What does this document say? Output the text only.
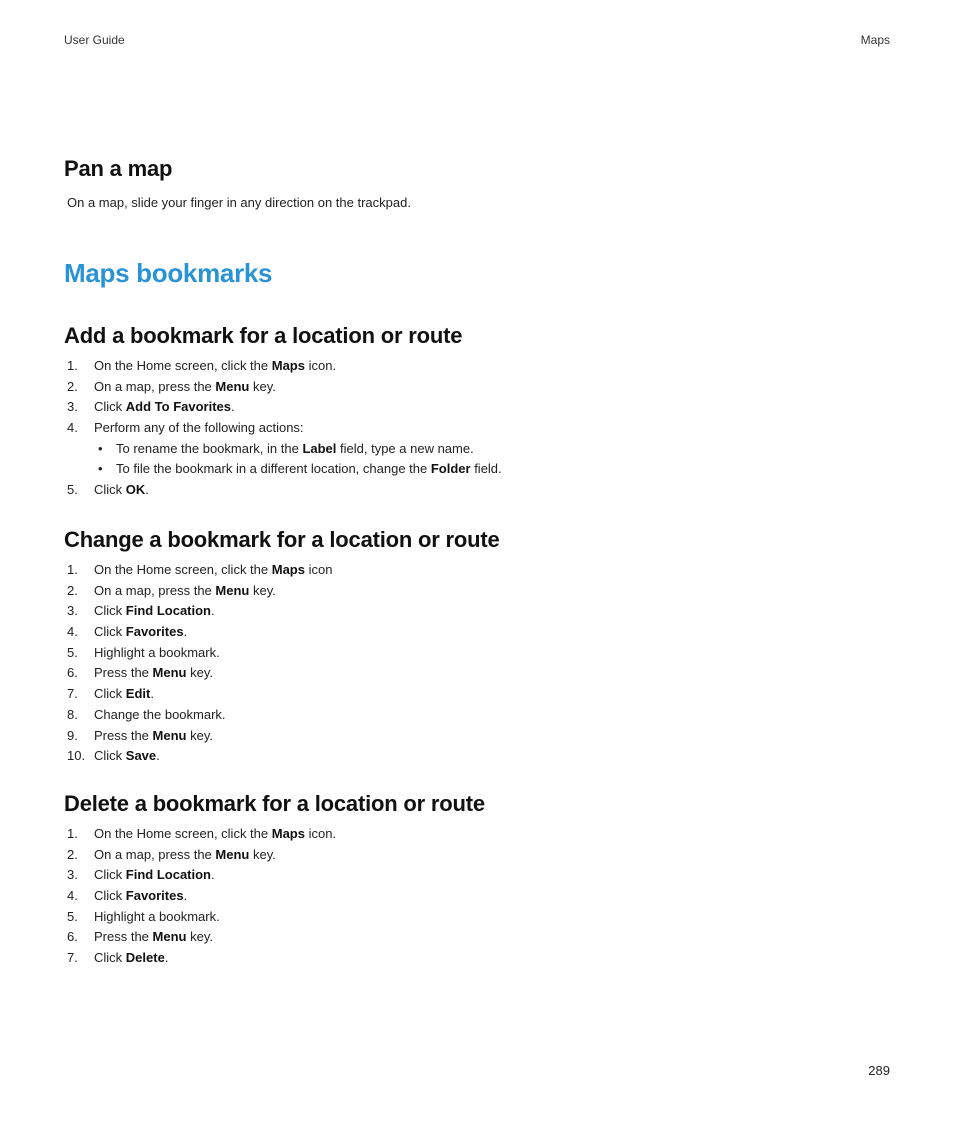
User Guide	Maps
Pan a map
On a map, slide your finger in any direction on the trackpad.
Maps bookmarks
Add a bookmark for a location or route
1. On the Home screen, click the Maps icon.
2. On a map, press the Menu key.
3. Click Add To Favorites.
4. Perform any of the following actions:
• To rename the bookmark, in the Label field, type a new name.
• To file the bookmark in a different location, change the Folder field.
5. Click OK.
Change a bookmark for a location or route
1. On the Home screen, click the Maps icon
2. On a map, press the Menu key.
3. Click Find Location.
4. Click Favorites.
5. Highlight a bookmark.
6. Press the Menu key.
7. Click Edit.
8. Change the bookmark.
9. Press the Menu key.
10. Click Save.
Delete a bookmark for a location or route
1. On the Home screen, click the Maps icon.
2. On a map, press the Menu key.
3. Click Find Location.
4. Click Favorites.
5. Highlight a bookmark.
6. Press the Menu key.
7. Click Delete.
289
